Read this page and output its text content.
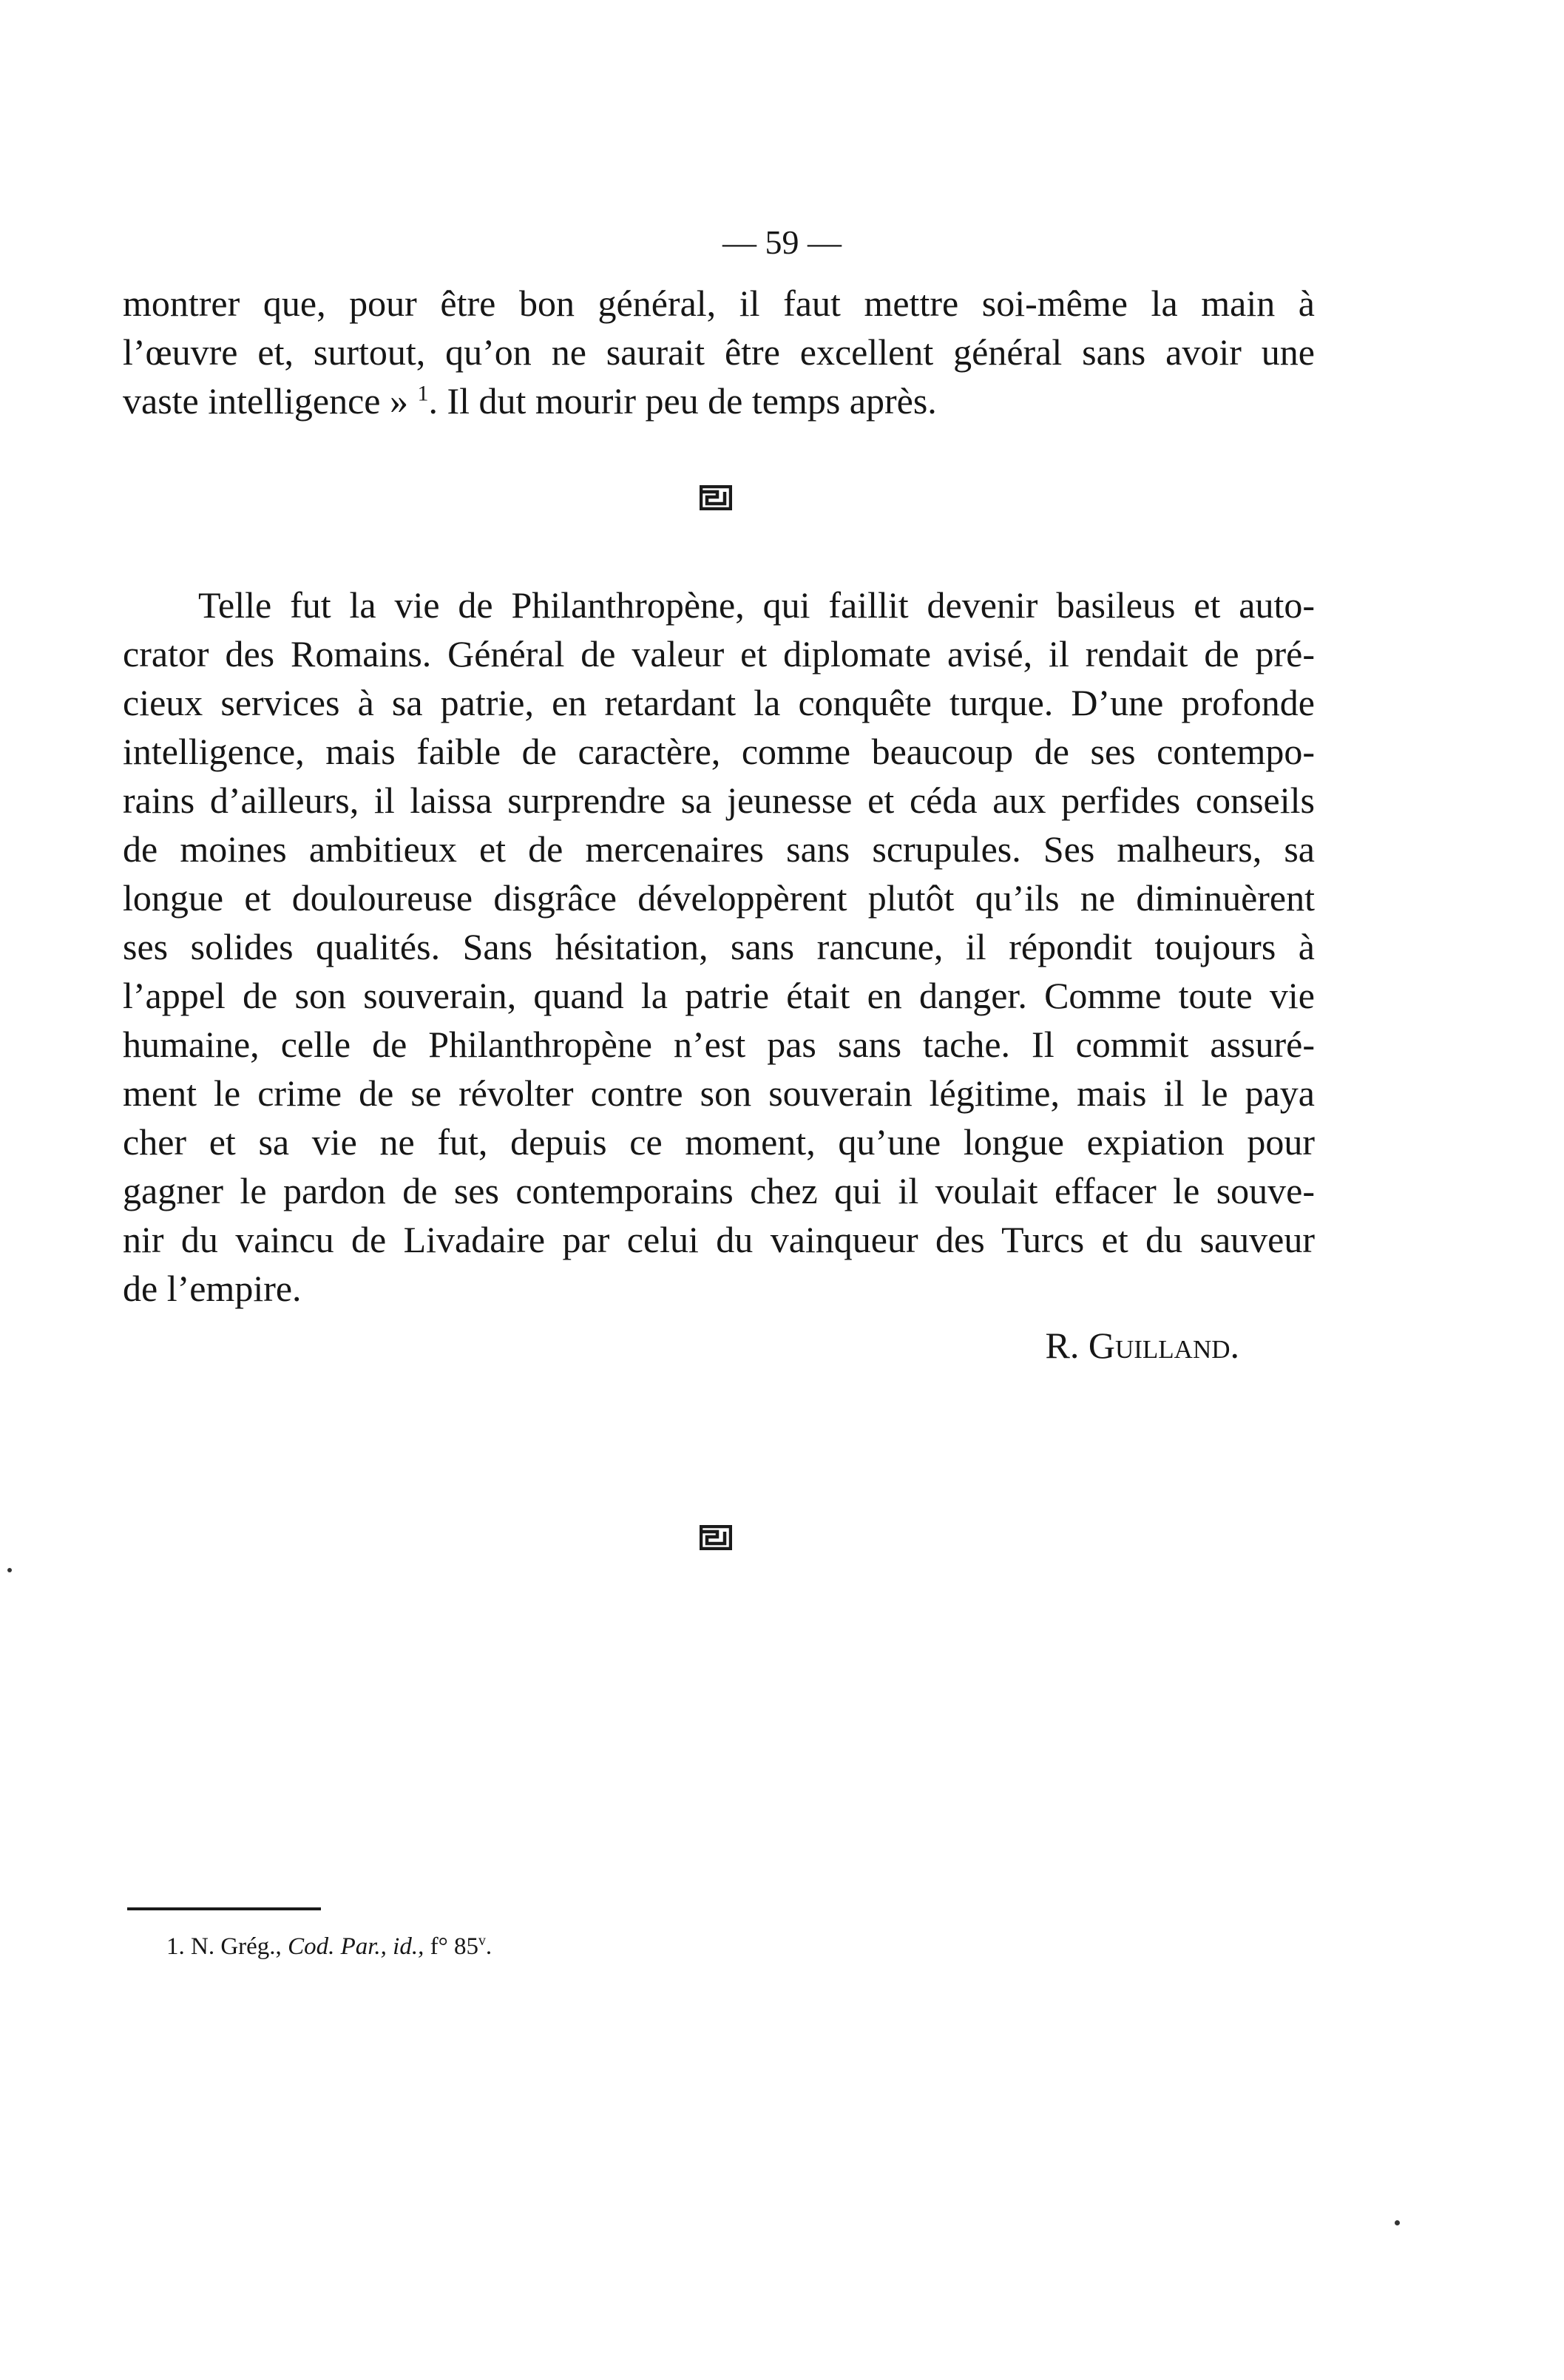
— 59 —

montrer que, pour être bon général, il faut mettre soi-même la main à

l’œuvre et, surtout, qu’on ne saurait être excellent général sans avoir une

vaste intelligence » $^1$. Il dut mourir peu de temps après.

Telle fut la vie de Philanthropène, qui faillit devenir basileus et auto-

crator des Romains. Général de valeur et diplomate avisé, il rendait de pré-

cieux services à sa patrie, en retardant la conquête turque. D’une profonde

intelligence, mais faible de caractère, comme beaucoup de ses contempo-

rains d’ailleurs, il laissa surprendre sa jeunesse et céda aux perfides conseils

de moines ambitieux et de mercenaires sans scrupules. Ses malheurs, sa

longue et douloureuse disgrâce développèrent plutôt qu’ils ne diminuèrent

ses solides qualités. Sans hésitation, sans rancune, il répondit toujours à

l’appel de son souverain, quand la patrie était en danger. Comme toute vie

humaine, celle de Philanthropène n’est pas sans tache. Il commit assuré-

ment le crime de se révolter contre son souverain légitime, mais il le paya

cher et sa vie ne fut, depuis ce moment, qu’une longue expiation pour

gagner le pardon de ses contemporains chez qui il voulait effacer le souve-

nir du vaincu de Livadaire par celui du vainqueur des Turcs et du sauveur

de l’empire.

R. Guilland.

1. N. Grég., Cod. Par., id., f° 85$^v$.
